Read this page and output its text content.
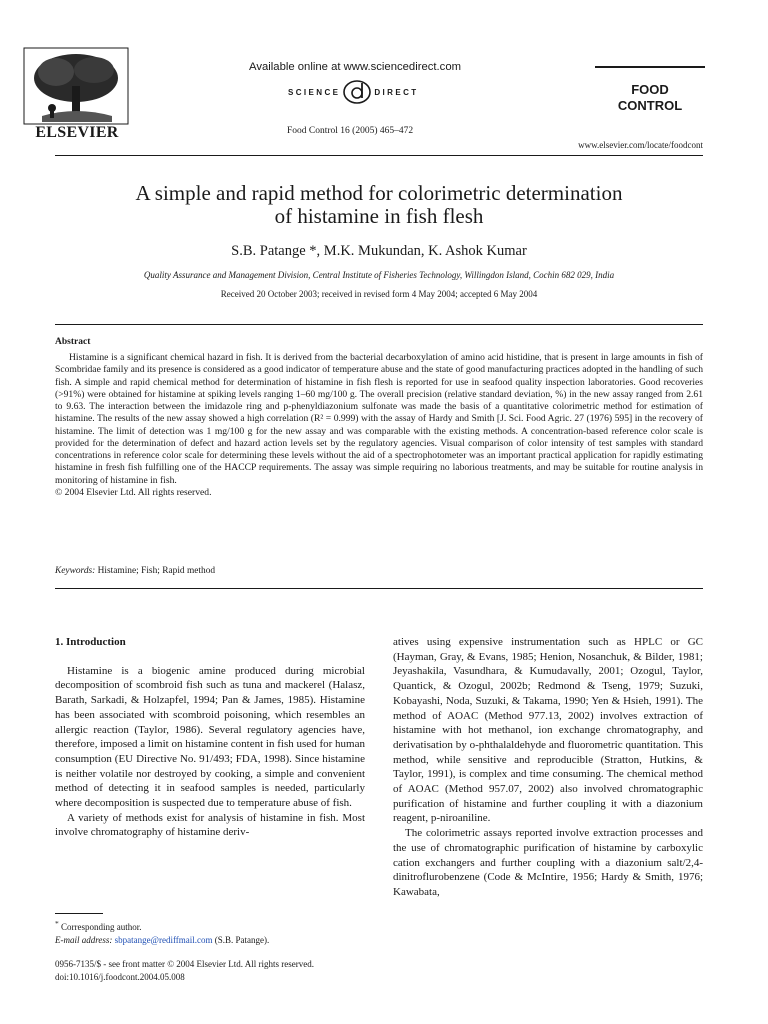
ELSEVIER
Available online at www.sciencedirect.com
SCIENCE	DIRECT
Food Control 16 (2005) 465–472
FOOD
CONTROL
www.elsevier.com/locate/foodcont
A simple and rapid method for colorimetric determination
of histamine in fish flesh
S.B. Patange *, M.K. Mukundan, K. Ashok Kumar
Quality Assurance and Management Division, Central Institute of Fisheries Technology, Willingdon Island, Cochin 682 029, India
Received 20 October 2003; received in revised form 4 May 2004; accepted 6 May 2004
Abstract

Histamine is a significant chemical hazard in fish. It is derived from the bacterial decarboxylation of amino acid histidine, that is present in large amounts in fish of Scombridae family and its presence is considered as a good indicator of temperature abuse and the state of good manufacturing practices adopted in the handling of such fish. A simple and rapid chemical method for determination of histamine in fish flesh is reported for use in seafood quality inspection laboratories. Good recoveries (>91%) were obtained for histamine at spiking levels ranging 1–60 mg/100 g. The overall precision (relative standard deviation, %) in the new assay ranged from 2.61 to 9.63. The interaction between the imidazole ring and p-phenyldiazonium sulfonate was made the basis of a quantitative colorimetric method for estimation of histamine. The results of the new assay showed a high correlation (R² = 0.999) with the assay of Hardy and Smith [J. Sci. Food Agric. 27 (1976) 595] in the recovery of histamine. The limit of detection was 1 mg/100 g for the new assay and was comparable with the existing methods. A concentration-based reference color scale is provided for the determination of defect and hazard action levels set by the regulatory agencies. Visual comparison of color intensity of test samples with standard concentrations in reference color scale for determining these levels without the aid of a spectrophotometer was an important practical application for rapidly estimating histamine in fresh fish fulfilling one of the HACCP requirements. The assay was simple requiring no laborious treatments, and may be suitable for routine analysis in monitoring of histamine in fish.

© 2004 Elsevier Ltd. All rights reserved.

Keywords: Histamine; Fish; Rapid method

1. Introduction

Histamine is a biogenic amine produced during microbial decomposition of scombroid fish such as tuna and mackerel (Halasz, Barath, Sarkadi, & Holzapfel, 1994; Pan & James, 1985). Histamine has been associated with scombroid poisoning, which resembles an allergic reaction (Taylor, 1986). Several regulatory agencies have, therefore, imposed a limit on histamine content in fish used for human consumption (EU Directive No. 91/493; FDA, 1998). Since histamine is neither volatile nor destroyed by cooking, a simple and convenient method of detecting it in seafood samples is needed, particularly where decomposition is suspected due to temperature abuse of fish.

A variety of methods exist for analysis of histamine in fish. Most involve chromatography of histamine deriv-

atives using expensive instrumentation such as HPLC or GC (Hayman, Gray, & Evans, 1985; Henion, Nosanchuk, & Bilder, 1981; Jeyashakila, Vasundhara, & Kumudavally, 2001; Ozogul, Taylor, Quantick, & Ozogul, 2002b; Redmond & Tseng, 1979; Suzuki, Kobayashi, Noda, Suzuki, & Takama, 1990; Yen & Hsieh, 1991). The method of AOAC (Method 977.13, 2002) involves extraction of histamine with hot methanol, ion exchange chromatography, and derivatisation by o-phthalaldehyde and fluorometric quantitation. This method, while sensitive and reproducible (Stratton, Hutkins, & Taylor, 1991), is complex and time consuming. The chemical method of AOAC (Method 957.07, 2002) also involved chromatographic purification of histamine and further coupling it with a diazonium reagent, p-niroaniline.

The colorimetric assays reported involve extraction processes and the use of chromatographic purification of histamine by carboxylic cation exchangers and further coupling with a diazonium salt/2,4-dinitroflurobenzene (Code & McIntire, 1956; Hardy & Smith, 1976; Kawabata,

* Corresponding author.

E-mail address: sbpatange@rediffmail.com (S.B. Patange).

0956-7135/$ - see front matter © 2004 Elsevier Ltd. All rights reserved.

doi:10.1016/j.foodcont.2004.05.008
